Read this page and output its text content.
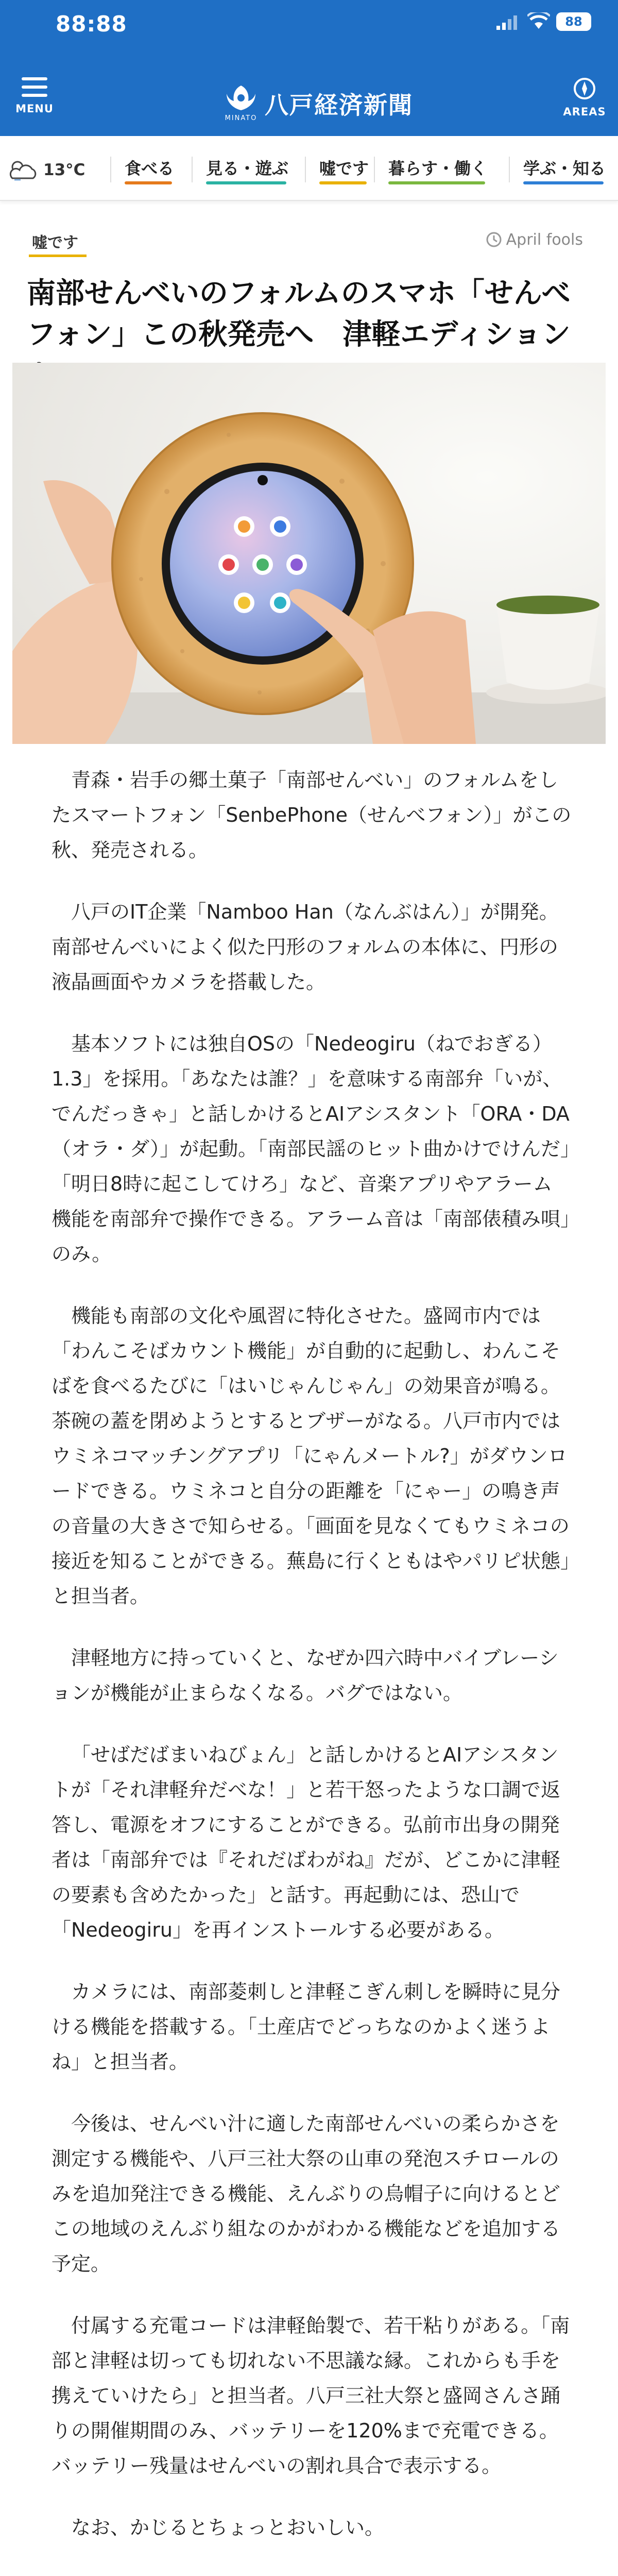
88:88	88
MENU
MINATO 八戸経済新聞	AREAS
13°C	食べる	見る・遊ぶ	嘘です	暮らす・働く	学ぶ・知る
嘘です	April fools
南部せんべいのフォルムのスマホ「せんべフォン」この秋発売へ　津軽エディション

青森・岩手の郷土菓子「南部せんべい」のフォルムをしたスマートフォン「SenbePhone（せんべフォン）」がこの秋、発売される。

八戸のIT企業「Namboo Han（なんぶはん）」が開発。南部せんべいによく似た円形のフォルムの本体に、円形の液晶画面やカメラを搭載した。

基本ソフトには独自OSの「Nedeogiru（ねでおぎる）1.3」を採用。「あなたは誰？」を意味する南部弁「いが、でんだっきゃ」と話しかけるとAIアシスタント「ORA・DA（オラ・ダ）」が起動。「南部民謡のヒット曲かけでけんだ」「明日8時に起こしてけろ」など、音楽アプリやアラーム機能を南部弁で操作できる。アラーム音は「南部俵積み唄」のみ。

機能も南部の文化や風習に特化させた。盛岡市内では「わんこそばカウント機能」が自動的に起動し、わんこそばを食べるたびに「はいじゃんじゃん」の効果音が鳴る。茶碗の蓋を閉めようとするとブザーがなる。八戸市内ではウミネコマッチングアプリ「にゃんメートル?」がダウンロードできる。ウミネコと自分の距離を「にゃー」の鳴き声の音量の大きさで知らせる。「画面を見なくてもウミネコの接近を知ることができる。蕪島に行くともはやパリピ状態」と担当者。

津軽地方に持っていくと、なぜか四六時中バイブレーションが機能が止まらなくなる。バグではない。

「せばだばまいねびょん」と話しかけるとAIアシスタントが「それ津軽弁だべな！」と若干怒ったような口調で返答し、電源をオフにすることができる。弘前市出身の開発者は「南部弁では『それだばわがね』だが、どこかに津軽の要素も含めたかった」と話す。再起動には、恐山で「Nedeogiru」を再インストールする必要がある。

カメラには、南部菱刺しと津軽こぎん刺しを瞬時に見分ける機能を搭載する。「土産店でどっちなのかよく迷うよね」と担当者。

今後は、せんべい汁に適した南部せんべいの柔らかさを測定する機能や、八戸三社大祭の山車の発泡スチロールのみを追加発注できる機能、えんぶりの烏帽子に向けるとどこの地域のえんぶり組なのかがわかる機能などを追加する予定。

付属する充電コードは津軽飴製で、若干粘りがある。「南部と津軽は切っても切れない不思議な縁。これからも手を携えていけたら」と担当者。八戸三社大祭と盛岡さんさ踊りの開催期間のみ、バッテリーを120%まで充電できる。バッテリー残量はせんべいの割れ具合で表示する。

なお、かじるとちょっとおいしい。
